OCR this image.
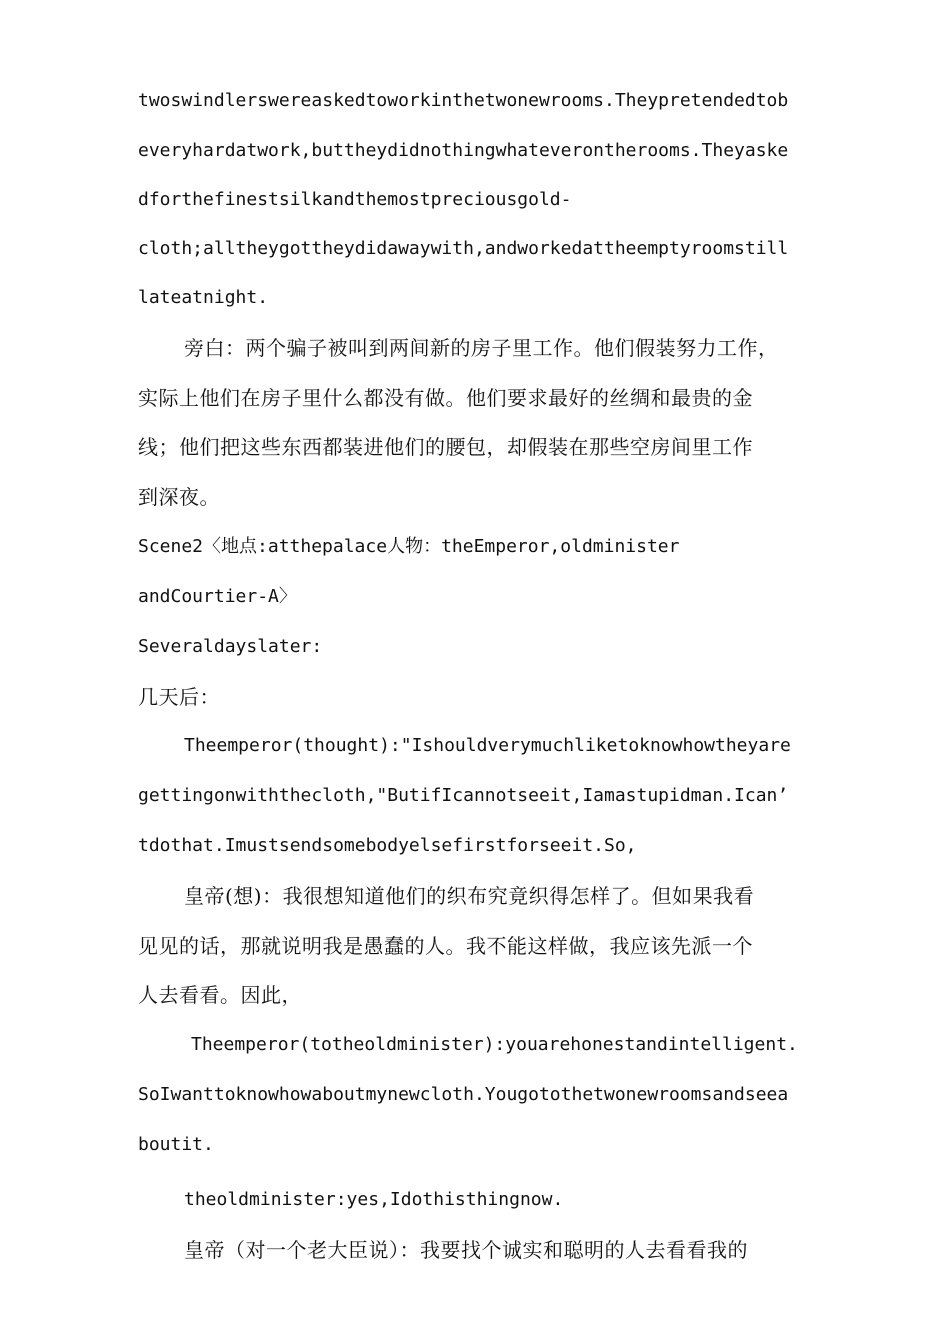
twoswindlerswereaskedtoworkinthetwonewrooms.Theypretendedtob
everyhardatwork,buttheydidnothingwhateverontherooms.Theyaske
dforthefinestsilkandthemostpreciousgold-
cloth;alltheygottheydidawaywith,andworkedattheemptyroomstill
lateatnight.
旁白：两个骗子被叫到两间新的房子里工作。他们假装努力工作，
实际上他们在房子里什么都没有做。他们要求最好的丝绸和最贵的金
线；他们把这些东西都装进他们的腰包，却假装在那些空房间里工作
到深夜。
Scene2〈地点:atthepalace人物：theEmperor,oldminister
andCourtier-A〉
Severaldayslater:
几天后：
Theemperor(thought):"Ishouldverymuchliketoknowhowtheyare
gettingonwiththecloth,"ButifIcannotseeit,Iamastupidman.Ican’
tdothat.Imustsendsomebodyelsefirstforseeit.So,
皇帝(想)：我很想知道他们的织布究竟织得怎样了。但如果我看
见见的话，那就说明我是愚蠢的人。我不能这样做，我应该先派一个
人去看看。因此，
Theemperor(totheoldminister):youarehonestandintelligent.
SoIwanttoknowhowaboutmynewcloth.Yougotothetwonewroomsandseea
boutit.
theoldminister:yes,Idothisthingnow.
皇帝（对一个老大臣说）：我要找个诚实和聪明的人去看看我的
